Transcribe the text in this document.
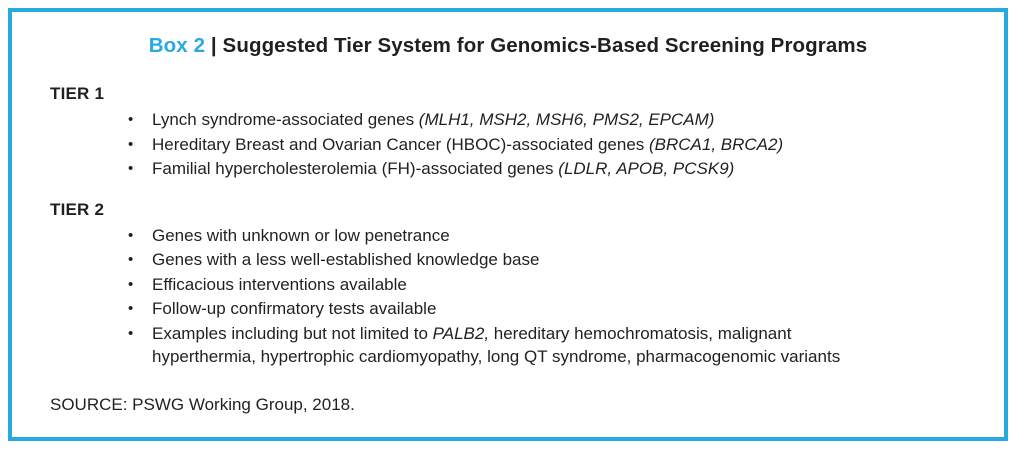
Box 2 | Suggested Tier System for Genomics-Based Screening Programs
TIER 1
• Lynch syndrome-associated genes (MLH1, MSH2, MSH6, PMS2, EPCAM)
• Hereditary Breast and Ovarian Cancer (HBOC)-associated genes (BRCA1, BRCA2)
• Familial hypercholesterolemia (FH)-associated genes (LDLR, APOB, PCSK9)
TIER 2
• Genes with unknown or low penetrance
• Genes with a less well-established knowledge base
• Efficacious interventions available
• Follow-up confirmatory tests available
• Examples including but not limited to PALB2, hereditary hemochromatosis, malignant
hyperthermia, hypertrophic cardiomyopathy, long QT syndrome, pharmacogenomic variants
SOURCE: PSWG Working Group, 2018.
